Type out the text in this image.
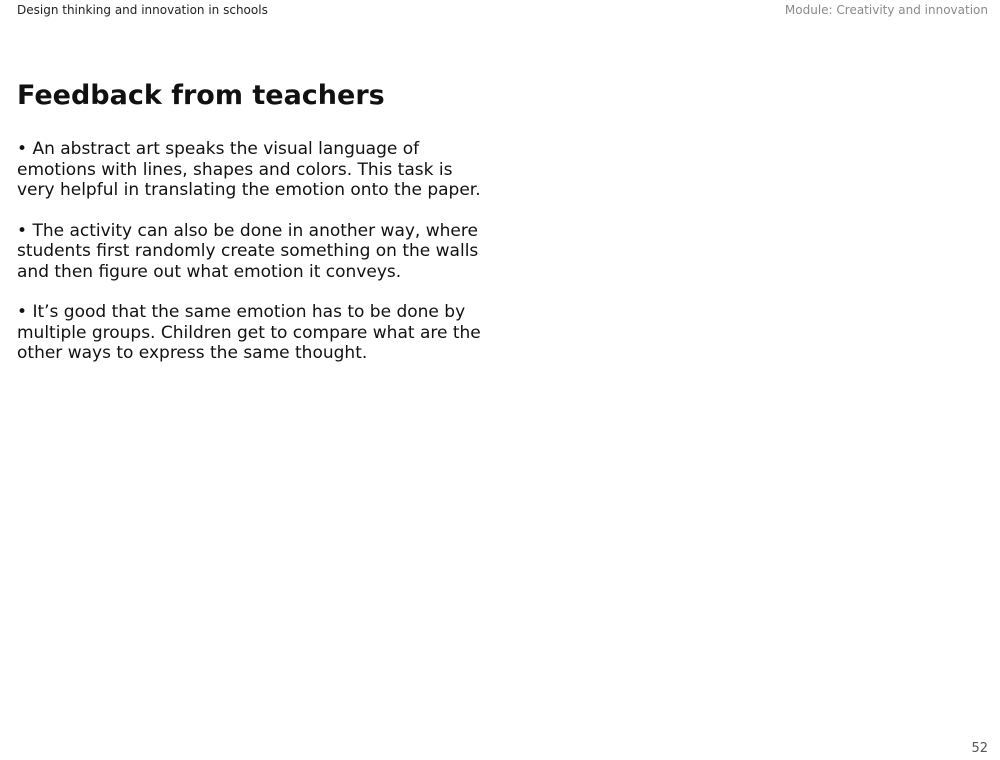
Design thinking and innovation in schools	Module: Creativity and innovation
Feedback from teachers
• An abstract art speaks the visual language of emotions with lines, shapes and colors. This task is very helpful in translating the emotion onto the paper.
• The activity can also be done in another way, where students first randomly create something on the walls and then figure out what emotion it conveys.
• It’s good that the same emotion has to be done by multiple groups. Children get to compare what are the other ways to express the same thought.
52
